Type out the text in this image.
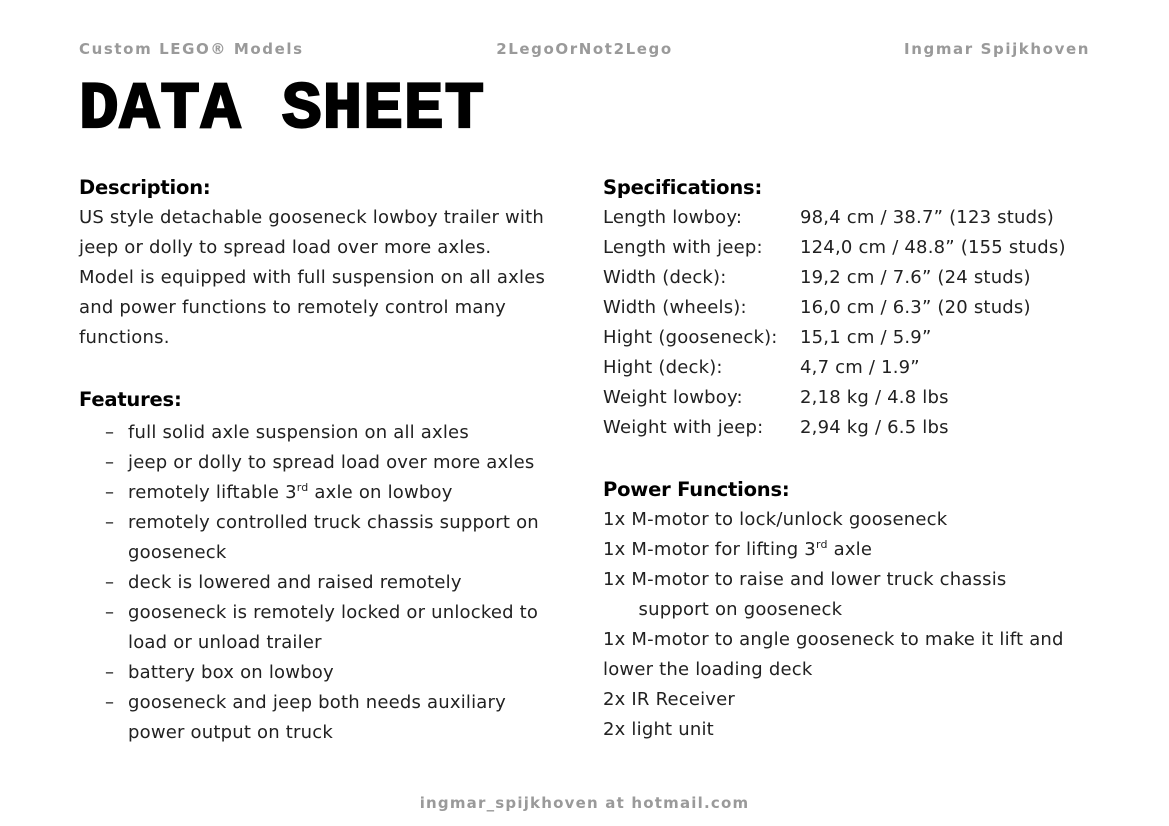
Custom LEGO® Models	2LegoOrNot2Lego	Ingmar Spijkhoven
DATA SHEET
Description:
US style detachable gooseneck lowboy trailer with
jeep or dolly to spread load over more axles.
Model is equipped with full suspension on all axles
and power functions to remotely control many
functions.
Features:
– full solid axle suspension on all axles
– jeep or dolly to spread load over more axles
– remotely liftable 3rd axle on lowboy
– remotely controlled truck chassis support on
gooseneck
– deck is lowered and raised remotely
– gooseneck is remotely locked or unlocked to
load or unload trailer
– battery box on lowboy
– gooseneck and jeep both needs auxiliary
power output on truck
Specifications:
Length lowboy:	98,4 cm / 38.7” (123 studs)
Length with jeep:	124,0 cm / 48.8” (155 studs)
Width (deck):	19,2 cm / 7.6” (24 studs)
Width (wheels):	16,0 cm / 6.3” (20 studs)
Hight (gooseneck):	15,1 cm / 5.9”
Hight (deck):	4,7 cm / 1.9”
Weight lowboy:	2,18 kg / 4.8 lbs
Weight with jeep:	2,94 kg / 6.5 lbs
Power Functions:
1x M-motor to lock/unlock gooseneck
1x M-motor for lifting 3rd axle
1x M-motor to raise and lower truck chassis
support on gooseneck
1x M-motor to angle gooseneck to make it lift and
lower the loading deck
2x IR Receiver
2x light unit
ingmar_spijkhoven at hotmail.com
